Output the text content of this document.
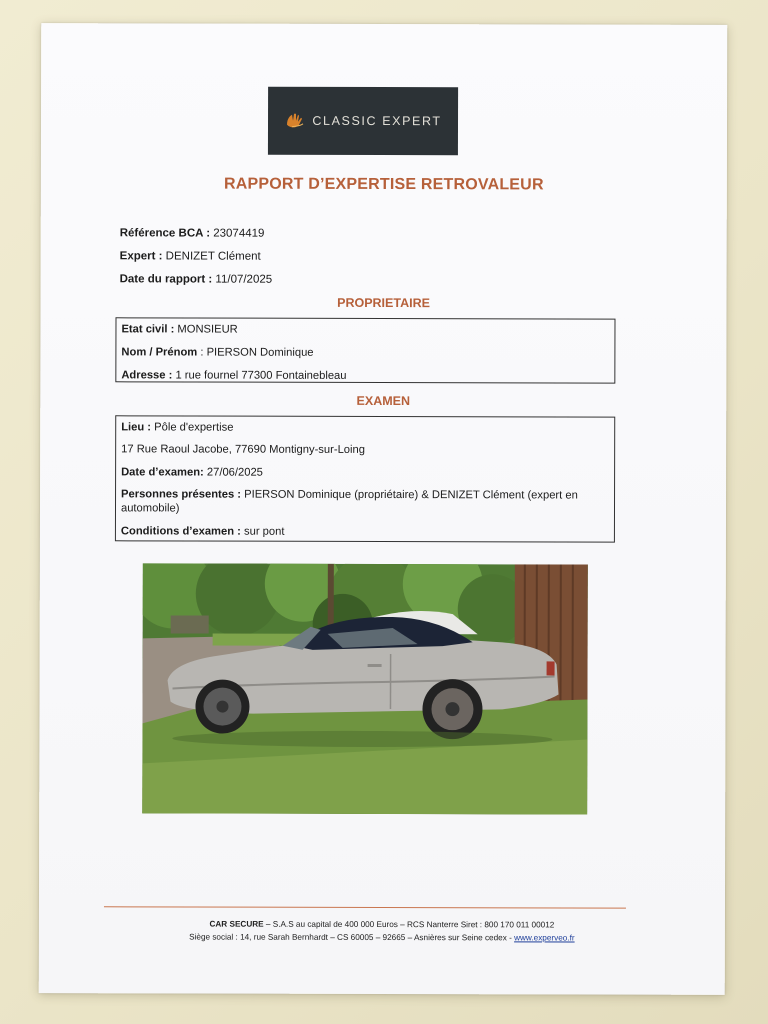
CLASSIC EXPERT
RAPPORT D’EXPERTISE RETROVALEUR
Référence BCA : 23074419
Expert : DENIZET Clément
Date du rapport : 11/07/2025
PROPRIETAIRE
Etat civil : MONSIEUR
Nom / Prénom : PIERSON Dominique
Adresse : 1 rue fournel 77300 Fontainebleau
EXAMEN
Lieu : Pôle d'expertise
17 Rue Raoul Jacobe, 77690 Montigny-sur-Loing
Date d’examen: 27/06/2025
Personnes présentes : PIERSON Dominique (propriétaire) & DENIZET Clément (expert en automobile)
Conditions d’examen : sur pont
CAR SECURE – S.A.S au capital de 400 000 Euros – RCS Nanterre Siret : 800 170 011 00012
Siège social : 14, rue Sarah Bernhardt – CS 60005 – 92665 – Asnières sur Seine cedex - www.experveo.fr
